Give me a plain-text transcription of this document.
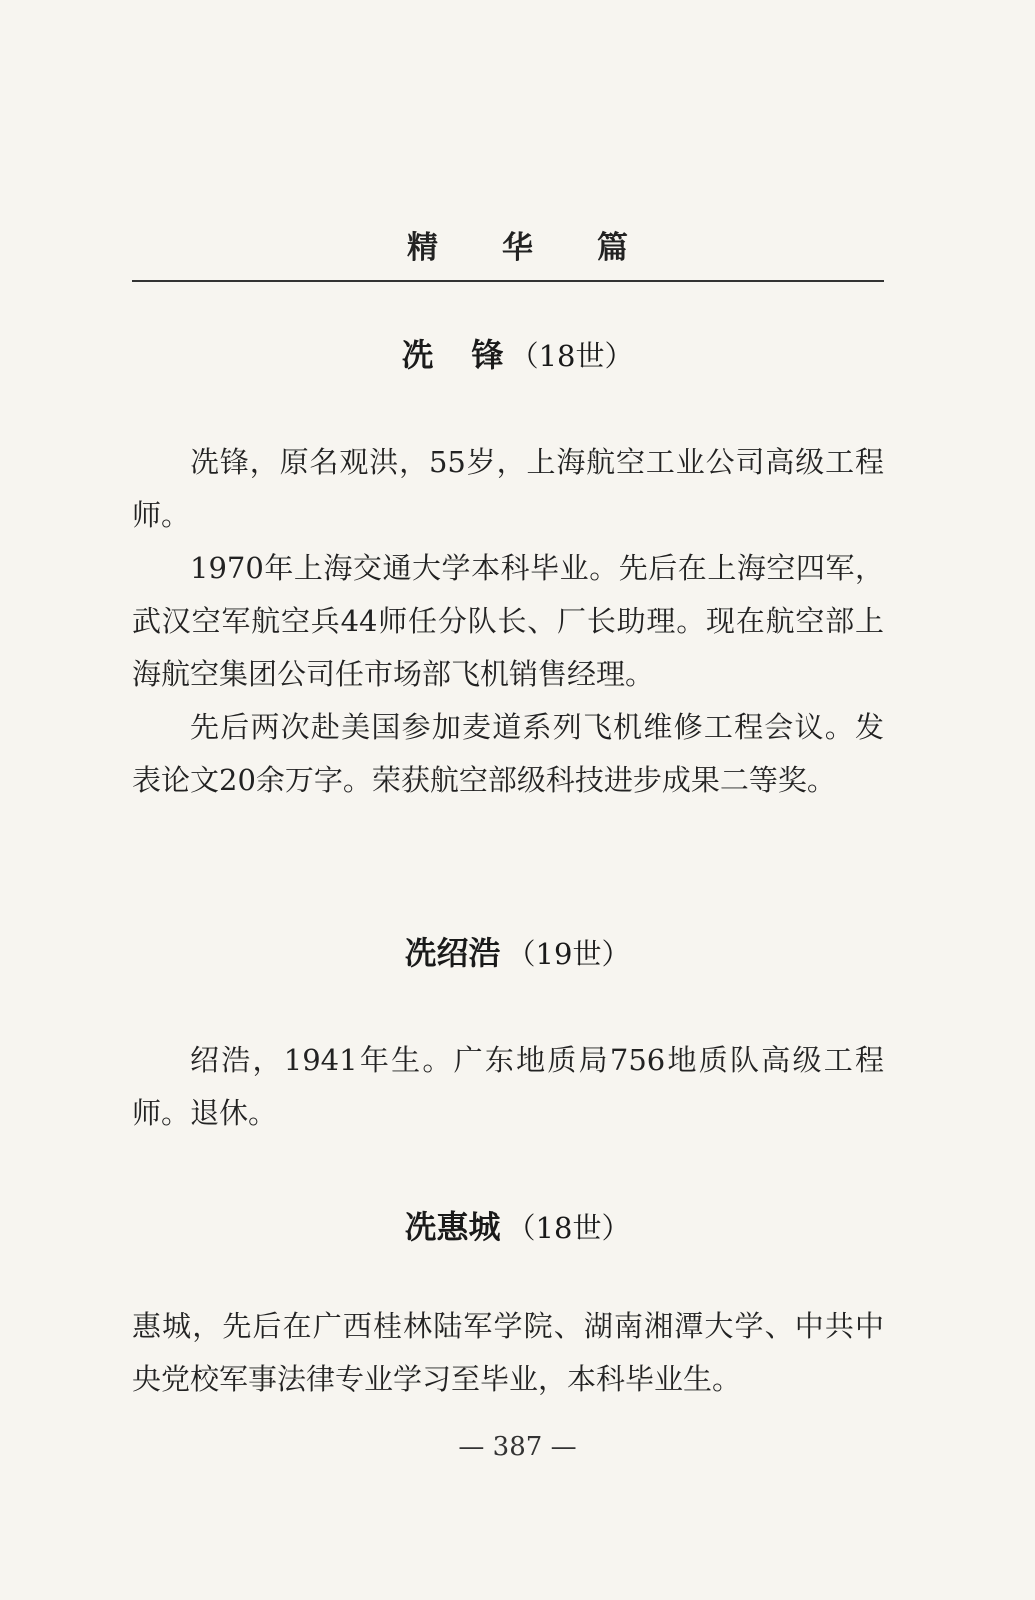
精 华 篇
冼 锋 （18世）

冼锋，原名观洪，55岁，上海航空工业公司高级工程师。

1970年上海交通大学本科毕业。先后在上海空四军，武汉空军航空兵44师任分队长、厂长助理。现在航空部上海航空集团公司任市场部飞机销售经理。

先后两次赴美国参加麦道系列飞机维修工程会议。发表论文20余万字。荣获航空部级科技进步成果二等奖。

冼绍浩 （19世）

绍浩，1941年生。广东地质局756地质队高级工程师。退休。

冼惠城 （18世）

惠城，先后在广西桂林陆军学院、湖南湘潭大学、中共中央党校军事法律专业学习至毕业，本科毕业生。

— 387 —
